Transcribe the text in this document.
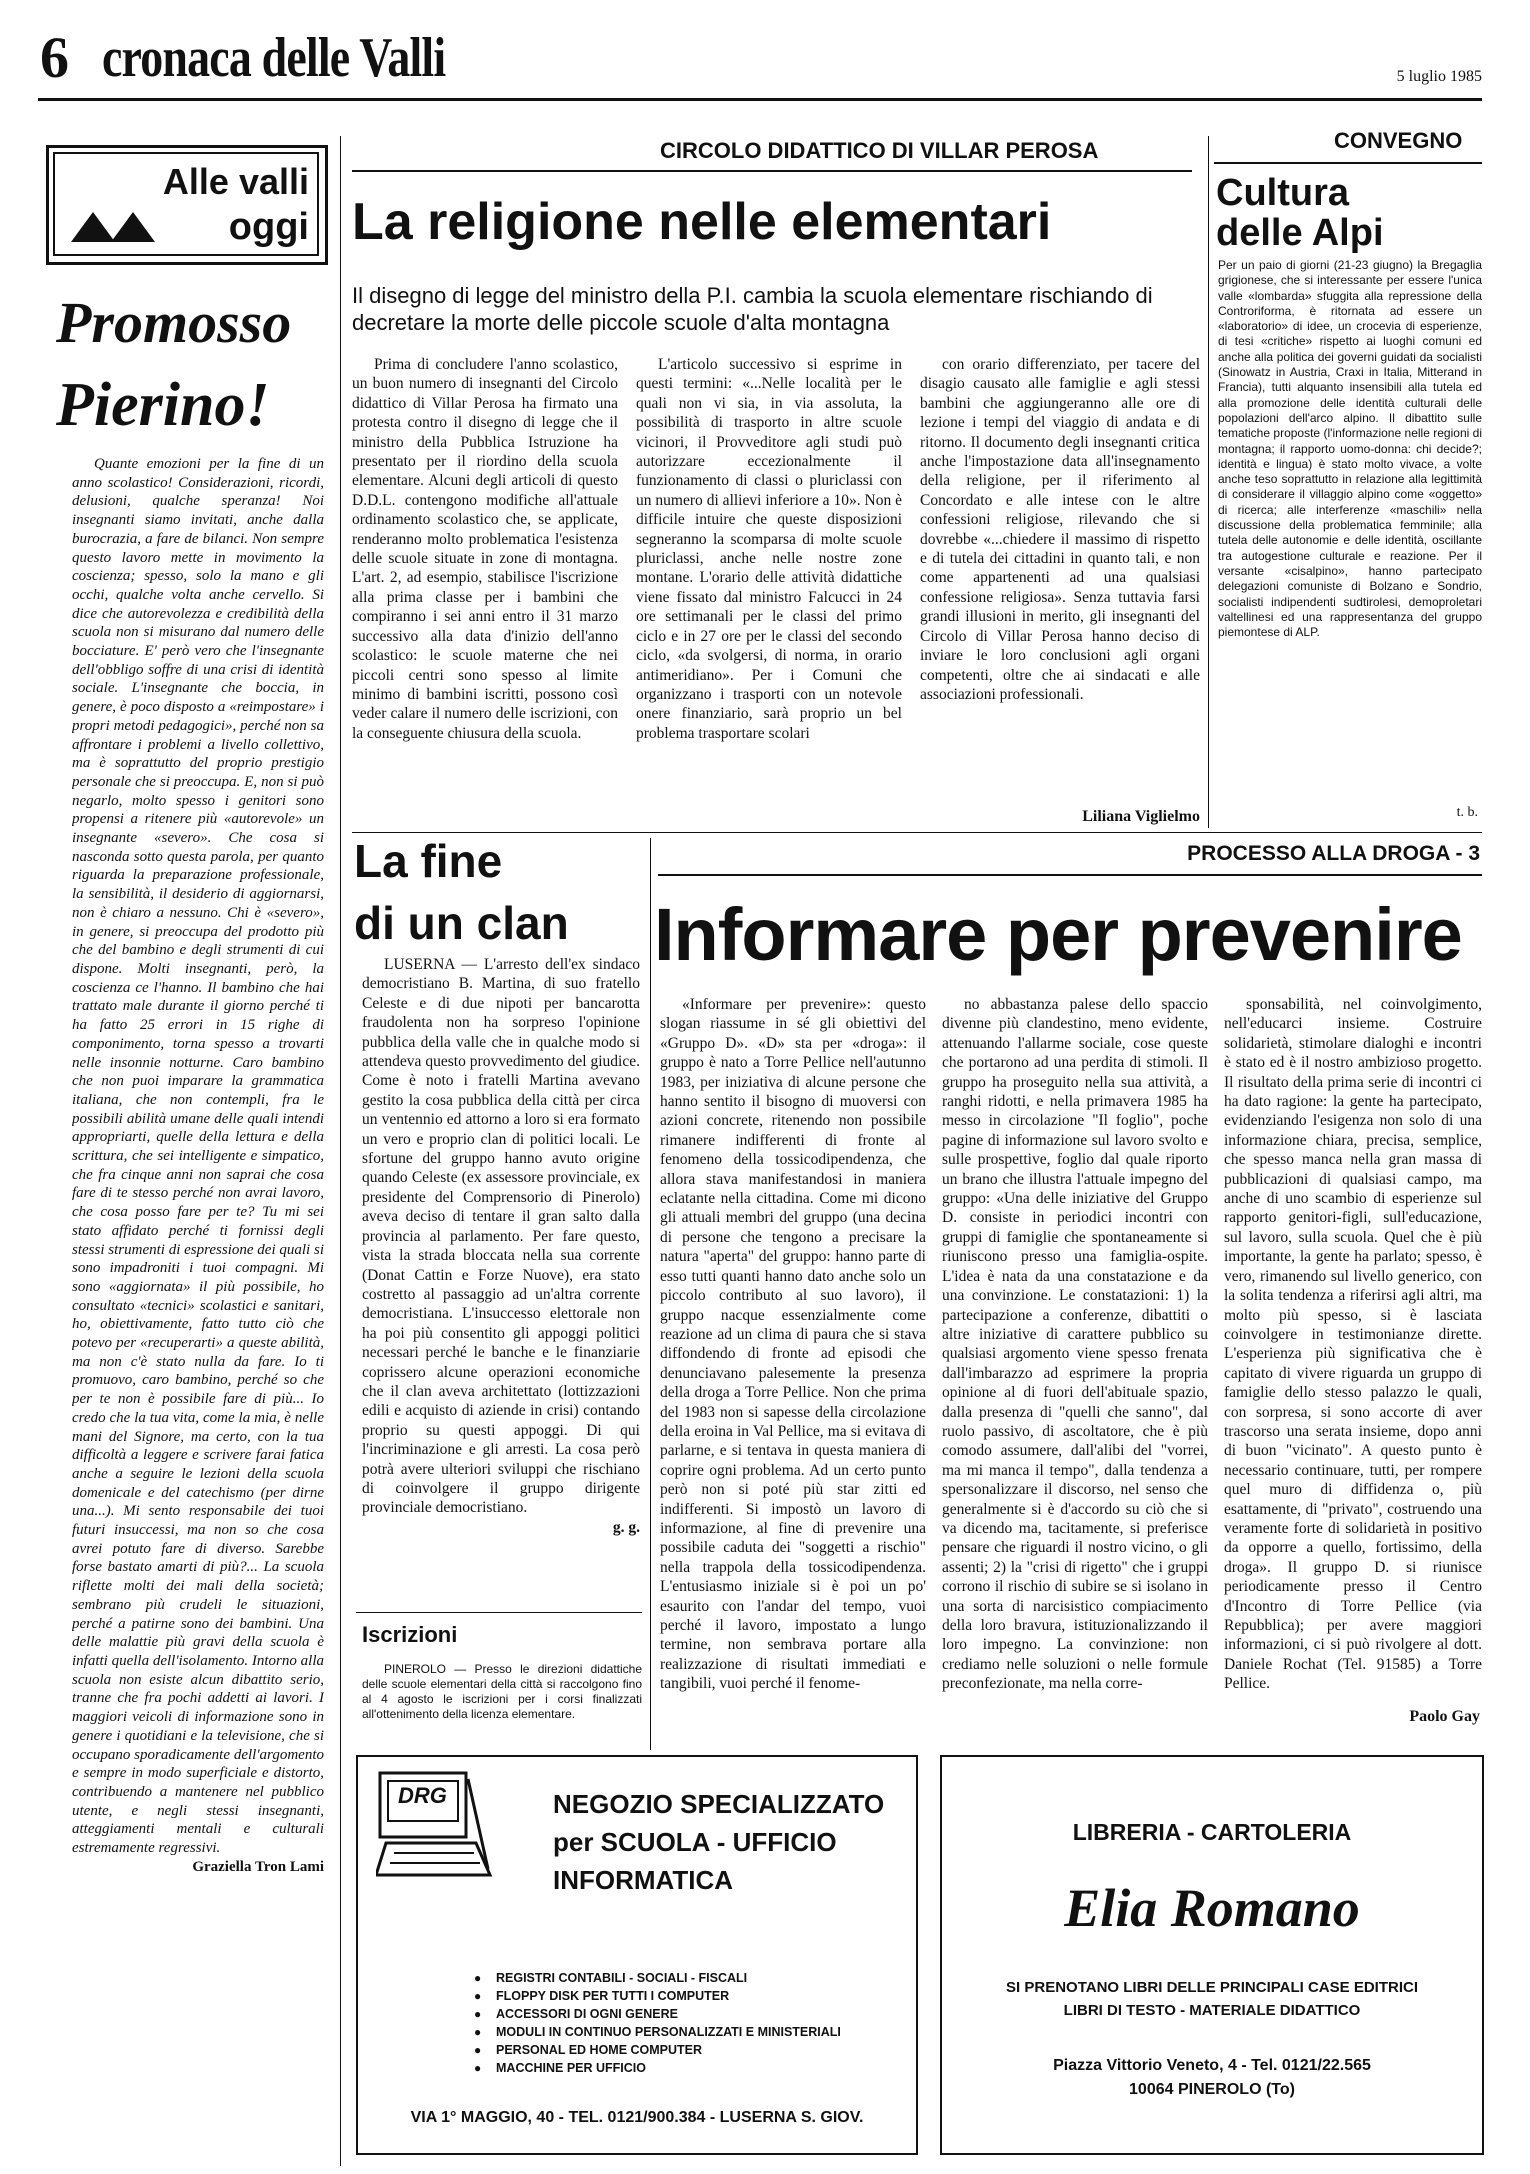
6 cronaca delle Valli	5 luglio 1985
Alle valli
oggi
Promosso
Pierino!

Quante emozioni per la fine di un anno scolastico! Considerazioni, ricordi, delusioni, qualche speranza! Noi insegnanti siamo invitati, anche dalla burocrazia, a fare de bilanci. Non sempre questo lavoro mette in movimento la coscienza; spesso, solo la mano e gli occhi, qualche volta anche cervello. Si dice che autorevolezza e credibilità della scuola non si misurano dal numero delle bocciature. E' però vero che l'insegnante dell'obbligo soffre di una crisi di identità sociale. L'insegnante che boccia, in genere, è poco disposto a «reimpostare» i propri metodi pedagogici», perché non sa affrontare i problemi a livello collettivo, ma è soprattutto del proprio prestigio personale che si preoccupa. E, non si può negarlo, molto spesso i genitori sono propensi a ritenere più «autorevole» un insegnante «severo». Che cosa si nasconda sotto questa parola, per quanto riguarda la preparazione professionale, la sensibilità, il desiderio di aggiornarsi, non è chiaro a nessuno. Chi è «severo», in genere, si preoccupa del prodotto più che del bambino e degli strumenti di cui dispone. Molti insegnanti, però, la coscienza ce l'hanno. Il bambino che hai trattato male durante il giorno perché ti ha fatto 25 errori in 15 righe di componimento, torna spesso a trovarti nelle insonnie notturne. Caro bambino che non puoi imparare la grammatica italiana, che non contempli, fra le possibili abilità umane delle quali intendi appropriarti, quelle della lettura e della scrittura, che sei intelligente e simpatico, che fra cinque anni non saprai che cosa fare di te stesso perché non avrai lavoro, che cosa posso fare per te? Tu mi sei stato affidato perché ti fornissi degli stessi strumenti di espressione dei quali si sono impadroniti i tuoi compagni. Mi sono «aggiornata» il più possibile, ho consultato «tecnici» scolastici e sanitari, ho, obiettivamente, fatto tutto ciò che potevo per «recuperarti» a queste abilità, ma non c'è stato nulla da fare. Io ti promuovo, caro bambino, perché so che per te non è possibile fare di più... Io credo che la tua vita, come la mia, è nelle mani del Signore, ma certo, con la tua difficoltà a leggere e scrivere farai fatica anche a seguire le lezioni della scuola domenicale e del catechismo (per dirne una...). Mi sento responsabile dei tuoi futuri insuccessi, ma non so che cosa avrei potuto fare di diverso. Sarebbe forse bastato amarti di più?... La scuola riflette molti dei mali della società; sembrano più crudeli le situazioni, perché a patirne sono dei bambini. Una delle malattie più gravi della scuola è infatti quella dell'isolamento. Intorno alla scuola non esiste alcun dibattito serio, tranne che fra pochi addetti ai lavori. I maggiori veicoli di informazione sono in genere i quotidiani e la televisione, che si occupano sporadicamente dell'argomento e sempre in modo superficiale e distorto, contribuendo a mantenere nel pubblico utente, e negli stessi insegnanti, atteggiamenti mentali e culturali estremamente regressivi.

Graziella Tron Lami
CIRCOLO DIDATTICO DI VILLAR PEROSA
La religione nelle elementari
Il disegno di legge del ministro della P.I. cambia la scuola elementare rischiando di decretare la morte delle piccole scuole d'alta montagna

Prima di concludere l'anno scolastico, un buon numero di insegnanti del Circolo didattico di Villar Perosa ha firmato una protesta contro il disegno di legge che il ministro della Pubblica Istruzione ha presentato per il riordino della scuola elementare. Alcuni degli articoli di questo D.D.L. contengono modifiche all'attuale ordinamento scolastico che, se applicate, renderanno molto problematica l'esistenza delle scuole situate in zone di montagna. L'art. 2, ad esempio, stabilisce l'iscrizione alla prima classe per i bambini che compiranno i sei anni entro il 31 marzo successivo alla data d'inizio dell'anno scolastico: le scuole materne che nei piccoli centri sono spesso al limite minimo di bambini iscritti, possono così veder calare il numero delle iscrizioni, con la conseguente chiusura della scuola.

L'articolo successivo si esprime in questi termini: «...Nelle località per le quali non vi sia, in via assoluta, la possibilità di trasporto in altre scuole vicinori, il Provveditore agli studi può autorizzare eccezionalmente il funzionamento di classi o pluriclassi con un numero di allievi inferiore a 10». Non è difficile intuire che queste disposizioni segneranno la scomparsa di molte scuole pluriclassi, anche nelle nostre zone montane. L'orario delle attività didattiche viene fissato dal ministro Falcucci in 24 ore settimanali per le classi del primo ciclo e in 27 ore per le classi del secondo ciclo, «da svolgersi, di norma, in orario antimeridiano». Per i Comuni che organizzano i trasporti con un notevole onere finanziario, sarà proprio un bel problema trasportare scolari

con orario differenziato, per tacere del disagio causato alle famiglie e agli stessi bambini che aggiungeranno alle ore di lezione i tempi del viaggio di andata e di ritorno. Il documento degli insegnanti critica anche l'impostazione data all'insegnamento della religione, per il riferimento al Concordato e alle intese con le altre confessioni religiose, rilevando che si dovrebbe «...chiedere il massimo di rispetto e di tutela dei cittadini in quanto tali, e non come appartenenti ad una qualsiasi confessione religiosa». Senza tuttavia farsi grandi illusioni in merito, gli insegnanti del Circolo di Villar Perosa hanno deciso di inviare le loro conclusioni agli organi competenti, oltre che ai sindacati e alle associazioni professionali.

Liliana Viglielmo
CONVEGNO
Cultura
delle Alpi

Per un paio di giorni (21-23 giugno) la Bregaglia grigionese, che si interessante per essere l'unica valle «lombarda» sfuggita alla repressione della Controriforma, è ritornata ad essere un «laboratorio» di idee, un crocevia di esperienze, di tesi «critiche» rispetto ai luoghi comuni ed anche alla politica dei governi guidati da socialisti (Sinowatz in Austria, Craxi in Italia, Mitterand in Francia), tutti alquanto insensibili alla tutela ed alla promozione delle identità culturali delle popolazioni dell'arco alpino. Il dibattito sulle tematiche proposte (l'informazione nelle regioni di montagna; il rapporto uomo-donna: chi decide?; identità e lingua) è stato molto vivace, a volte anche teso soprattutto in relazione alla legittimità di considerare il villaggio alpino come «oggetto» di ricerca; alle interferenze «maschili» nella discussione della problematica femminile; alla tutela delle autonomie e delle identità, oscillante tra autogestione culturale e reazione. Per il versante «cisalpino», hanno partecipato delegazioni comuniste di Bolzano e Sondrio, socialisti indipendenti sudtirolesi, demoproletari valtellinesi ed una rappresentanza del gruppo piemontese di ALP.

t. b.
La fine
di un clan

LUSERNA — L'arresto dell'ex sindaco democristiano B. Martina, di suo fratello Celeste e di due nipoti per bancarotta fraudolenta non ha sorpreso l'opinione pubblica della valle che in qualche modo si attendeva questo provvedimento del giudice. Come è noto i fratelli Martina avevano gestito la cosa pubblica della città per circa un ventennio ed attorno a loro si era formato un vero e proprio clan di politici locali. Le sfortune del gruppo hanno avuto origine quando Celeste (ex assessore provinciale, ex presidente del Comprensorio di Pinerolo) aveva deciso di tentare il gran salto dalla provincia al parlamento. Per fare questo, vista la strada bloccata nella sua corrente (Donat Cattin e Forze Nuove), era stato costretto al passaggio ad un'altra corrente democristiana. L'insuccesso elettorale non ha poi più consentito gli appoggi politici necessari perché le banche e le finanziarie coprissero alcune operazioni economiche che il clan aveva architettato (lottizzazioni edili e acquisto di aziende in crisi) contando proprio su questi appoggi. Di qui l'incriminazione e gli arresti. La cosa però potrà avere ulteriori sviluppi che rischiano di coinvolgere il gruppo dirigente provinciale democristiano.

g. g.
Iscrizioni

PINEROLO — Presso le direzioni didattiche delle scuole elementari della città si raccolgono fino al 4 agosto le iscrizioni per i corsi finalizzati all'ottenimento della licenza elementare.

PROCESSO ALLA DROGA - 3
Informare per prevenire

«Informare per prevenire»: questo slogan riassume in sé gli obiettivi del «Gruppo D». «D» sta per «droga»: il gruppo è nato a Torre Pellice nell'autunno 1983, per iniziativa di alcune persone che hanno sentito il bisogno di muoversi con azioni concrete, ritenendo non possibile rimanere indifferenti di fronte al fenomeno della tossicodipendenza, che allora stava manifestandosi in maniera eclatante nella cittadina. Come mi dicono gli attuali membri del gruppo (una decina di persone che tengono a precisare la natura "aperta" del gruppo: hanno parte di esso tutti quanti hanno dato anche solo un piccolo contributo al suo lavoro), il gruppo nacque essenzialmente come reazione ad un clima di paura che si stava diffondendo di fronte ad episodi che denunciavano palesemente la presenza della droga a Torre Pellice. Non che prima del 1983 non si sapesse della circolazione della eroina in Val Pellice, ma si evitava di parlarne, e si tentava in questa maniera di coprire ogni problema. Ad un certo punto però non si poté più star zitti ed indifferenti. Si impostò un lavoro di informazione, al fine di prevenire una possibile caduta dei "soggetti a rischio" nella trappola della tossicodipendenza. L'entusiasmo iniziale si è poi un po' esaurito con l'andar del tempo, vuoi perché il lavoro, impostato a lungo termine, non sembrava portare alla realizzazione di risultati immediati e tangibili, vuoi perché il fenome-

no abbastanza palese dello spaccio divenne più clandestino, meno evidente, attenuando l'allarme sociale, cose queste che portarono ad una perdita di stimoli. Il gruppo ha proseguito nella sua attività, a ranghi ridotti, e nella primavera 1985 ha messo in circolazione "Il foglio", poche pagine di informazione sul lavoro svolto e sulle prospettive, foglio dal quale riporto un brano che illustra l'attuale impegno del gruppo: «Una delle iniziative del Gruppo D. consiste in periodici incontri con gruppi di famiglie che spontaneamente si riuniscono presso una famiglia-ospite. L'idea è nata da una constatazione e da una convinzione. Le constatazioni: 1) la partecipazione a conferenze, dibattiti o altre iniziative di carattere pubblico su qualsiasi argomento viene spesso frenata dall'imbarazzo ad esprimere la propria opinione al di fuori dell'abituale spazio, dalla presenza di "quelli che sanno", dal ruolo passivo, di ascoltatore, che è più comodo assumere, dall'alibi del "vorrei, ma mi manca il tempo", dalla tendenza a spersonalizzare il discorso, nel senso che generalmente si è d'accordo su ciò che si va dicendo ma, tacitamente, si preferisce pensare che riguardi il nostro vicino, o gli assenti; 2) la "crisi di rigetto" che i gruppi corrono il rischio di subire se si isolano in una sorta di narcisistico compiacimento della loro bravura, istituzionalizzando il loro impegno. La convinzione: non crediamo nelle soluzioni o nelle formule preconfezionate, ma nella corre-

sponsabilità, nel coinvolgimento, nell'educarci insieme. Costruire solidarietà, stimolare dialoghi e incontri è stato ed è il nostro ambizioso progetto. Il risultato della prima serie di incontri ci ha dato ragione: la gente ha partecipato, evidenziando l'esigenza non solo di una informazione chiara, precisa, semplice, che spesso manca nella gran massa di pubblicazioni di qualsiasi campo, ma anche di uno scambio di esperienze sul rapporto genitori-figli, sull'educazione, sul lavoro, sulla scuola. Quel che è più importante, la gente ha parlato; spesso, è vero, rimanendo sul livello generico, con la solita tendenza a riferirsi agli altri, ma molto più spesso, si è lasciata coinvolgere in testimonianze dirette. L'esperienza più significativa che è capitato di vivere riguarda un gruppo di famiglie dello stesso palazzo le quali, con sorpresa, si sono accorte di aver trascorso una serata insieme, dopo anni di buon "vicinato". A questo punto è necessario continuare, tutti, per rompere quel muro di diffidenza o, più esattamente, di "privato", costruendo una veramente forte di solidarietà in positivo da opporre a quello, fortissimo, della droga». Il gruppo D. si riunisce periodicamente presso il Centro d'Incontro di Torre Pellice (via Repubblica); per avere maggiori informazioni, ci si può rivolgere al dott. Daniele Rochat (Tel. 91585) a Torre Pellice.

Paolo Gay
DRG	NEGOZIO SPECIALIZZATO
per SCUOLA - UFFICIO
INFORMATICA
● REGISTRI CONTABILI - SOCIALI - FISCALI
● FLOPPY DISK PER TUTTI I COMPUTER
● ACCESSORI DI OGNI GENERE
● MODULI IN CONTINUO PERSONALIZZATI E MINISTERIALI
● PERSONAL ED HOME COMPUTER
● MACCHINE PER UFFICIO
VIA 1° MAGGIO, 40 - TEL. 0121/900.384 - LUSERNA S. GIOV.
LIBRERIA - CARTOLERIA
Elia Romano
SI PRENOTANO LIBRI DELLE PRINCIPALI CASE EDITRICI
LIBRI DI TESTO - MATERIALE DIDATTICO
Piazza Vittorio Veneto, 4 - Tel. 0121/22.565
10064 PINEROLO (To)
